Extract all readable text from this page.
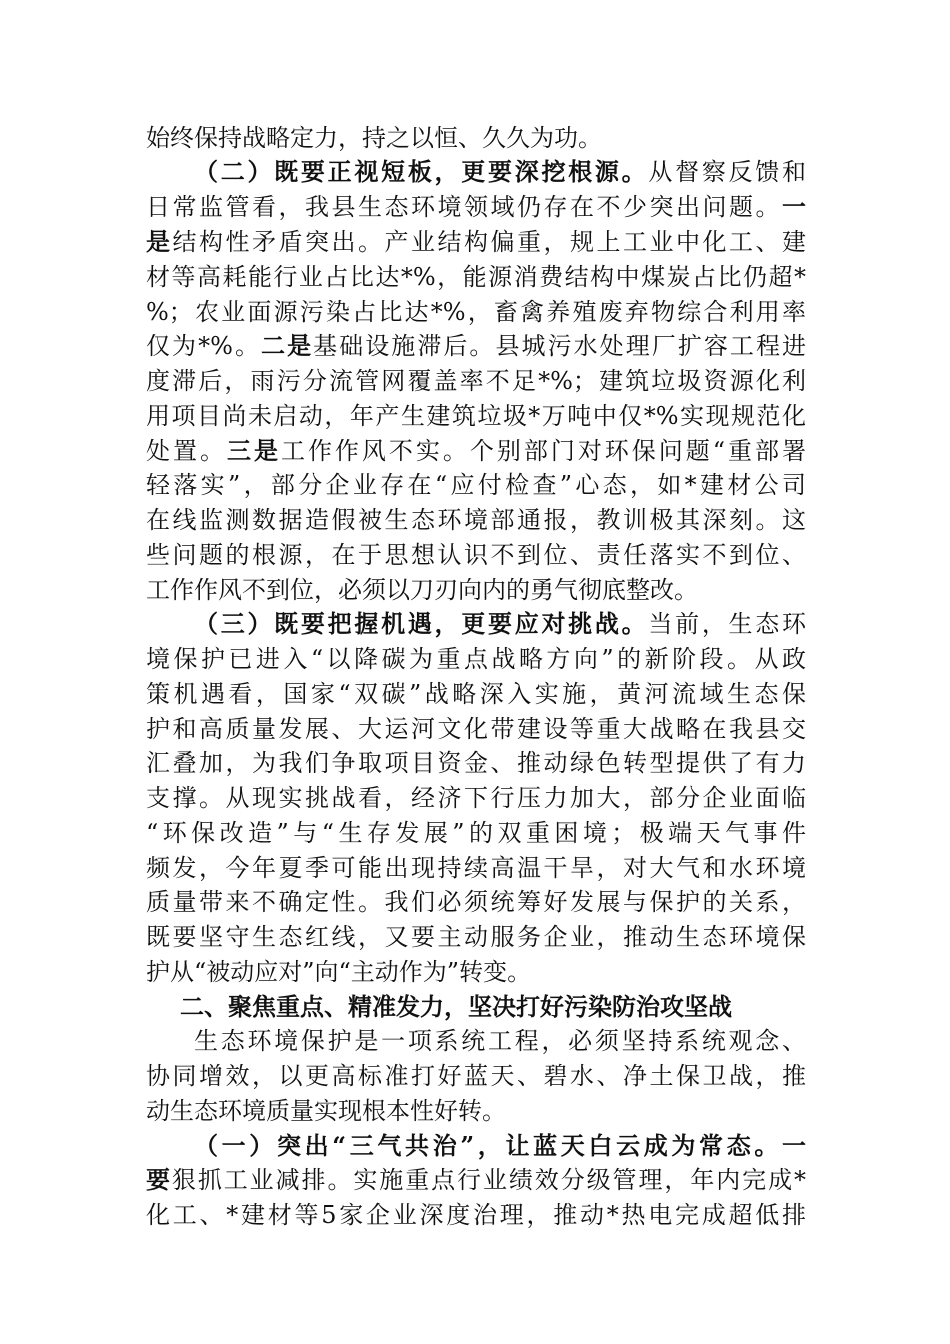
始终保持战略定力，持之以恒、久久为功。
（二）既要正视短板，更要深挖根源。从督察反馈和
日常监管看，我县生态环境领域仍存在不少突出问题。一
是结构性矛盾突出。产业结构偏重，规上工业中化工、建
材等高耗能行业占比达*%，能源消费结构中煤炭占比仍超*
%；农业面源污染占比达*%，畜禽养殖废弃物综合利用率
仅为*%。二是基础设施滞后。县城污水处理厂扩容工程进
度滞后，雨污分流管网覆盖率不足*%；建筑垃圾资源化利
用项目尚未启动，年产生建筑垃圾*万吨中仅*%实现规范化
处置。三是工作作风不实。个别部门对环保问题“重部署
轻落实”，部分企业存在“应付检查”心态，如*建材公司
在线监测数据造假被生态环境部通报，教训极其深刻。这
些问题的根源，在于思想认识不到位、责任落实不到位、
工作作风不到位，必须以刀刃向内的勇气彻底整改。
（三）既要把握机遇，更要应对挑战。当前，生态环
境保护已进入“以降碳为重点战略方向”的新阶段。从政
策机遇看，国家“双碳”战略深入实施，黄河流域生态保
护和高质量发展、大运河文化带建设等重大战略在我县交
汇叠加，为我们争取项目资金、推动绿色转型提供了有力
支撑。从现实挑战看，经济下行压力加大，部分企业面临
“环保改造”与“生存发展”的双重困境；极端天气事件
频发，今年夏季可能出现持续高温干旱，对大气和水环境
质量带来不确定性。我们必须统筹好发展与保护的关系，
既要坚守生态红线，又要主动服务企业，推动生态环境保
护从“被动应对”向“主动作为”转变。
二、聚焦重点、精准发力，坚决打好污染防治攻坚战
生态环境保护是一项系统工程，必须坚持系统观念、
协同增效，以更高标准打好蓝天、碧水、净土保卫战，推
动生态环境质量实现根本性好转。
（一）突出“三气共治”，让蓝天白云成为常态。一
要狠抓工业减排。实施重点行业绩效分级管理，年内完成*
化工、*建材等5家企业深度治理，推动*热电完成超低排
